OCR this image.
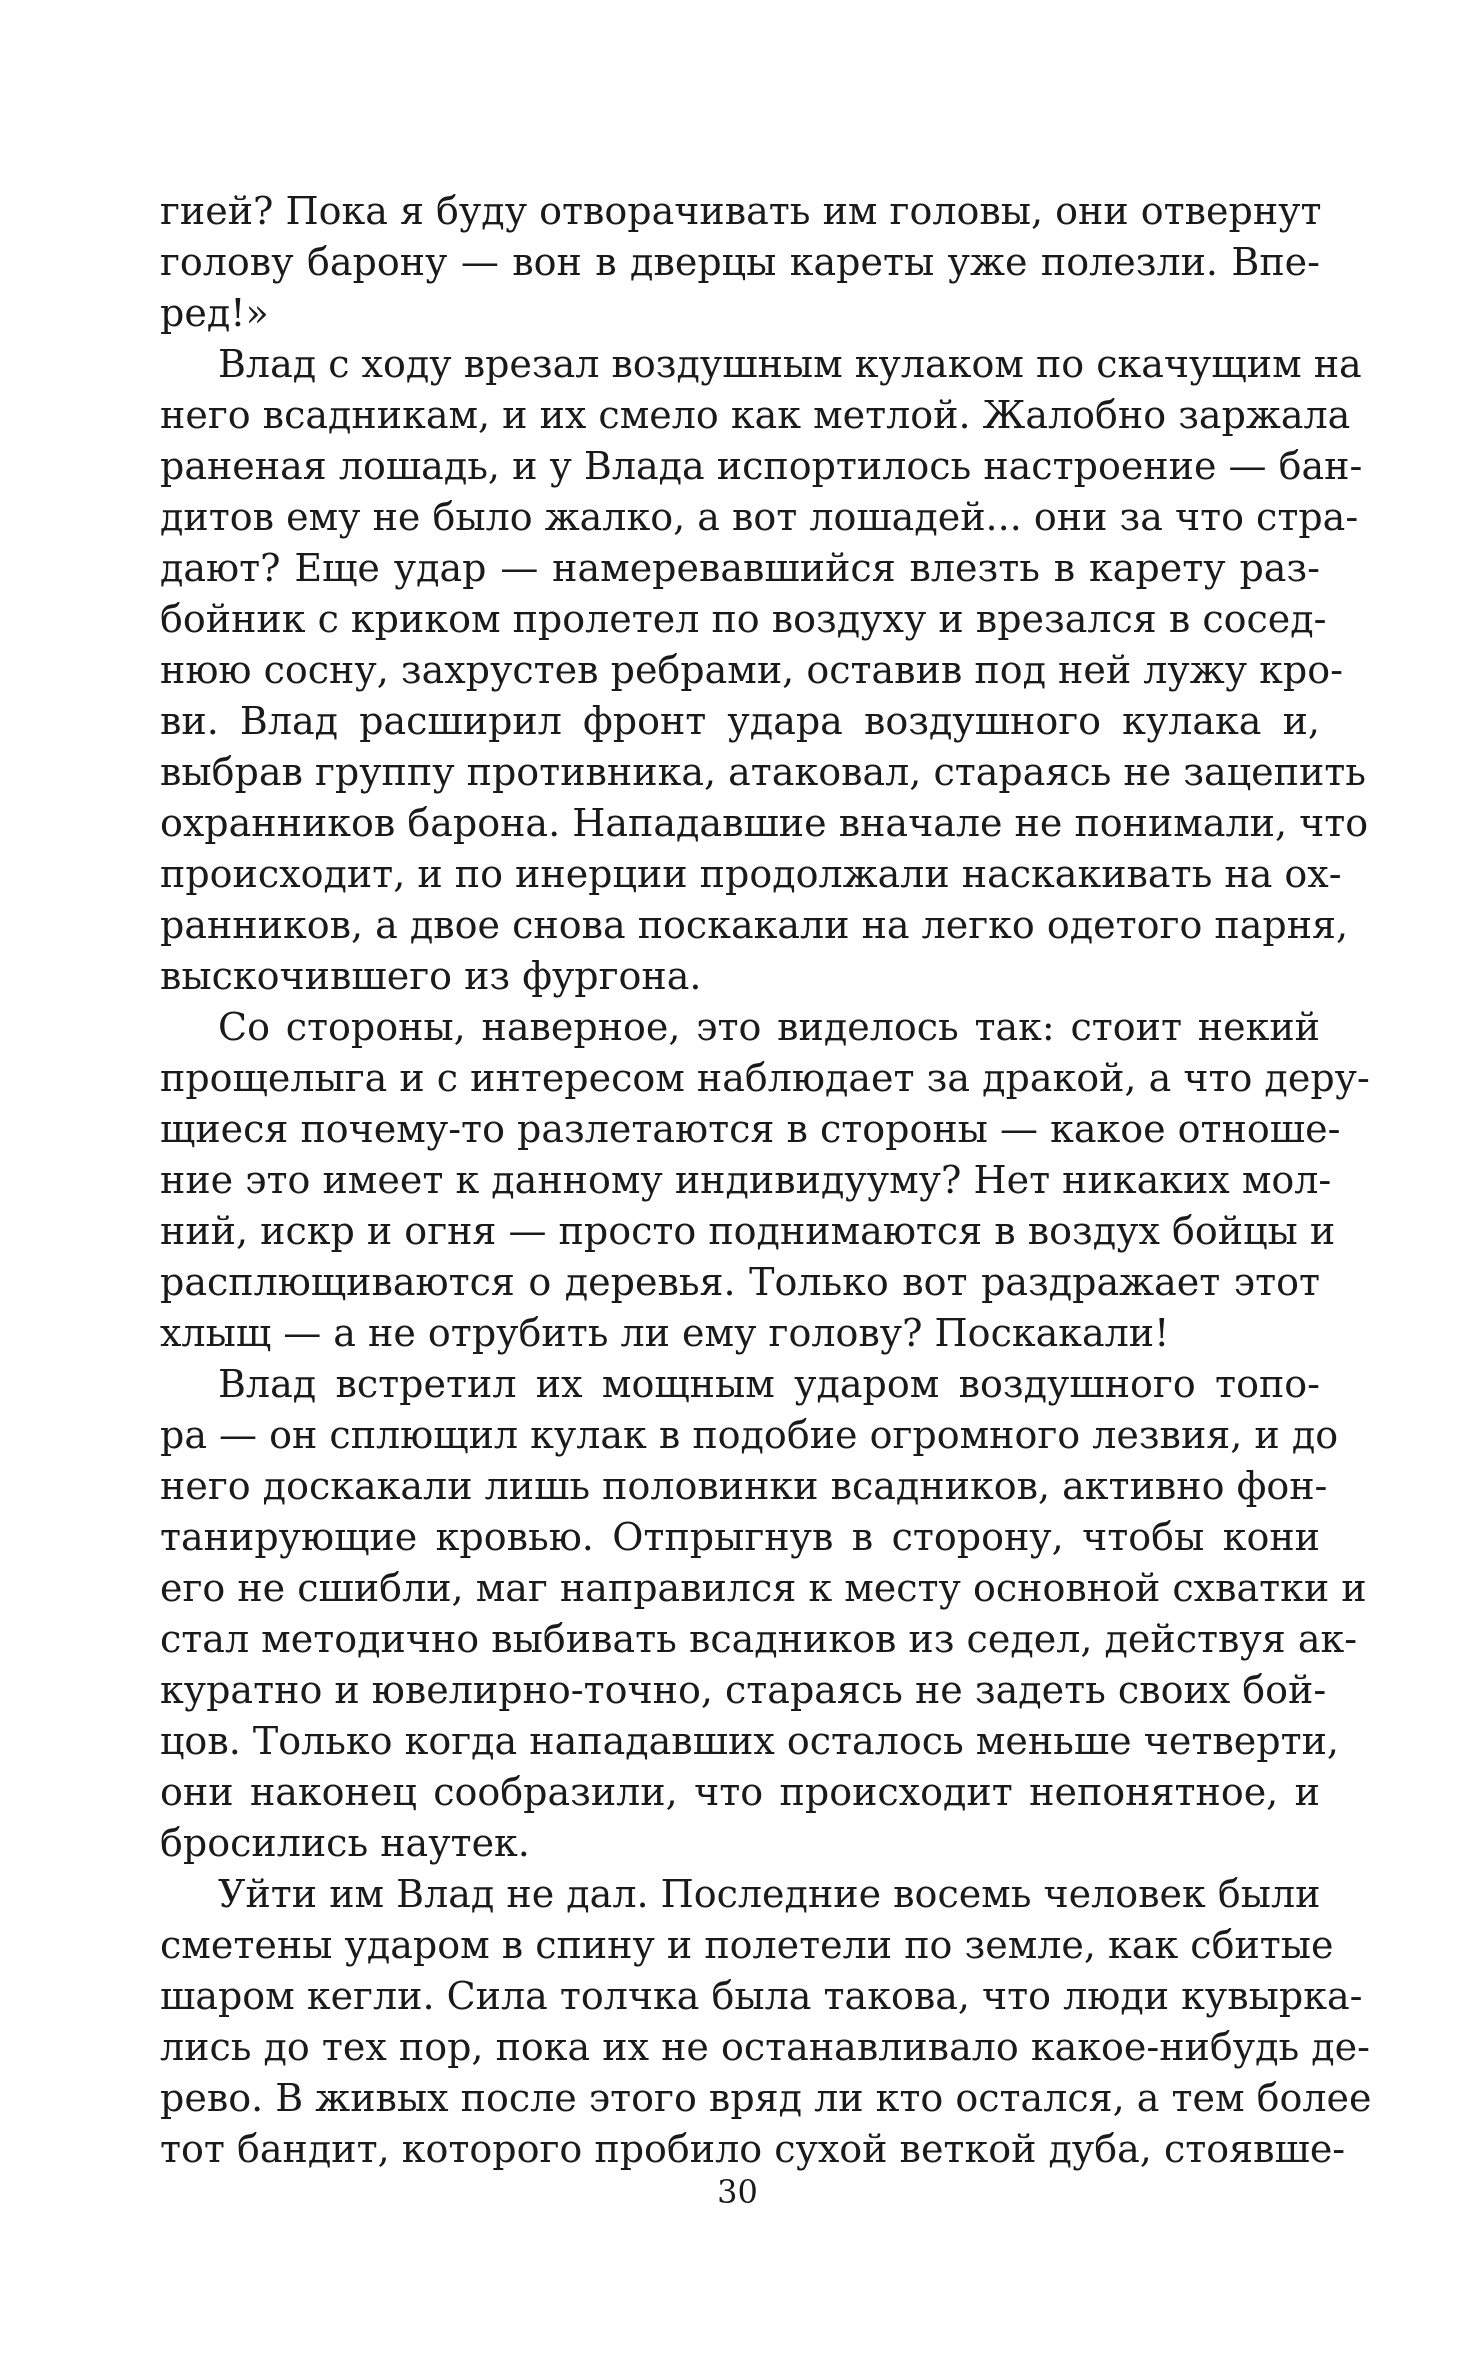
гией? Пока я буду отворачивать им головы, они отвернут
голову барону — вон в дверцы кареты уже полезли. Впе-
ред!»
Влад с ходу врезал воздушным кулаком по скачущим на
него всадникам, и их смело как метлой. Жалобно заржала
раненая лошадь, и у Влада испортилось настроение — бан-
дитов ему не было жалко, а вот лошадей... они за что стра-
дают? Еще удар — намеревавшийся влезть в карету раз-
бойник с криком пролетел по воздуху и врезался в сосед-
нюю сосну, захрустев ребрами, оставив под ней лужу кро-
ви. Влад расширил фронт удара воздушного кулака и,
выбрав группу противника, атаковал, стараясь не зацепить
охранников барона. Нападавшие вначале не понимали, что
происходит, и по инерции продолжали наскакивать на ох-
ранников, а двое снова поскакали на легко одетого парня,
выскочившего из фургона.
Со стороны, наверное, это виделось так: стоит некий
прощелыга и с интересом наблюдает за дракой, а что деру-
щиеся почему-то разлетаются в стороны — какое отноше-
ние это имеет к данному индивидууму? Нет никаких мол-
ний, искр и огня — просто поднимаются в воздух бойцы и
расплющиваются о деревья. Только вот раздражает этот
хлыщ — а не отрубить ли ему голову? Поскакали!
Влад встретил их мощным ударом воздушного топо-
ра — он сплющил кулак в подобие огромного лезвия, и до
него доскакали лишь половинки всадников, активно фон-
танирующие кровью. Отпрыгнув в сторону, чтобы кони
его не сшибли, маг направился к месту основной схватки и
стал методично выбивать всадников из седел, действуя ак-
куратно и ювелирно-точно, стараясь не задеть своих бой-
цов. Только когда нападавших осталось меньше четверти,
они наконец сообразили, что происходит непонятное, и
бросились наутек.
Уйти им Влад не дал. Последние восемь человек были
сметены ударом в спину и полетели по земле, как сбитые
шаром кегли. Сила толчка была такова, что люди кувырка-
лись до тех пор, пока их не останавливало какое-нибудь де-
рево. В живых после этого вряд ли кто остался, а тем более
тот бандит, которого пробило сухой веткой дуба, стоявше-
30
